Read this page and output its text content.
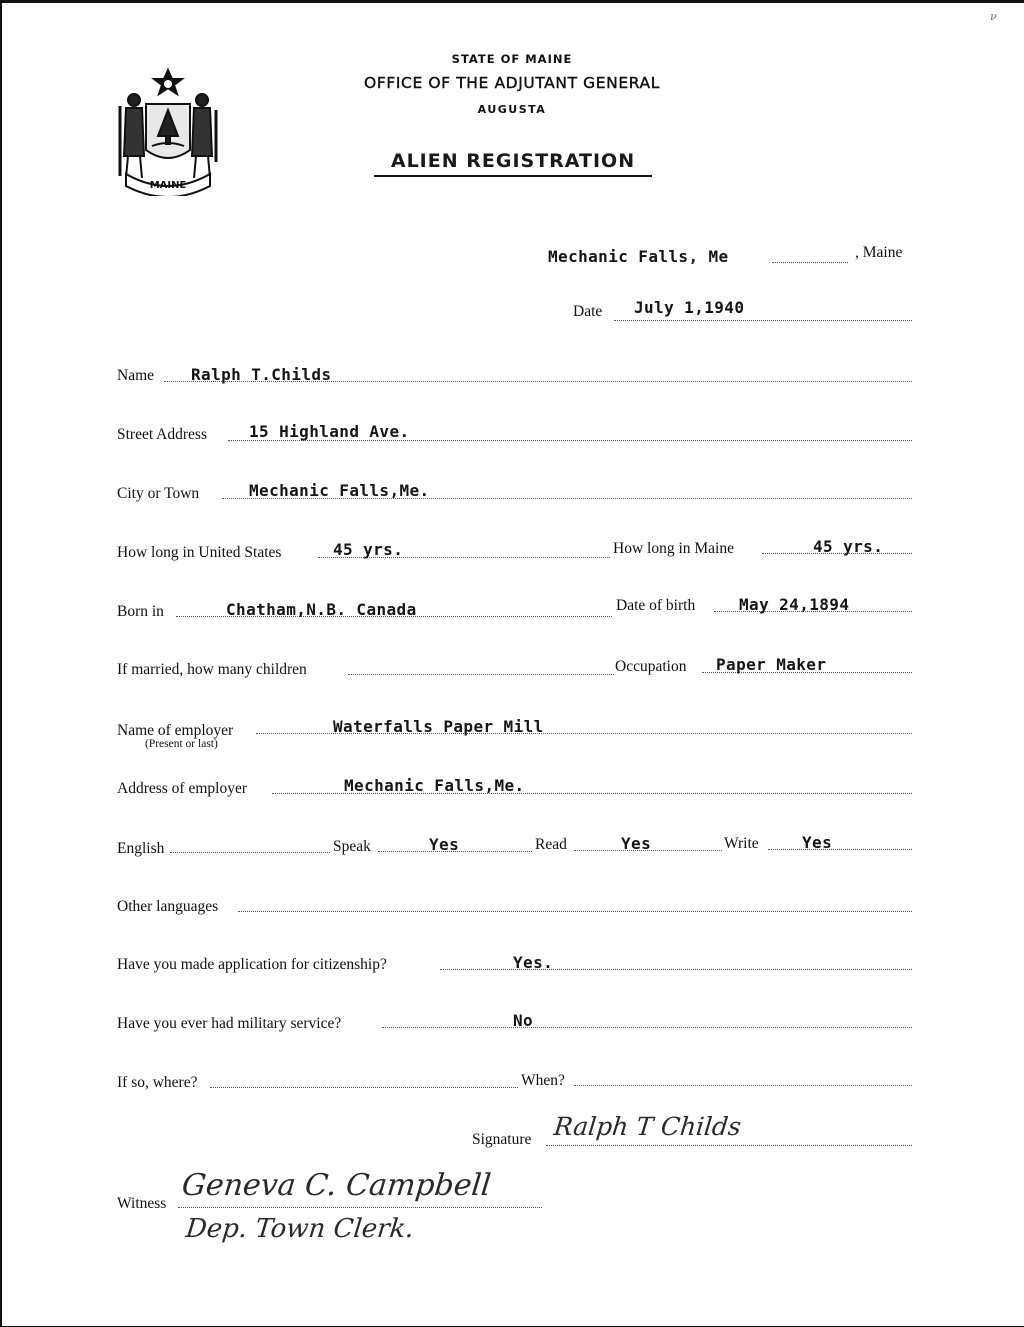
ν
MAINE
STATE OF MAINE
OFFICE OF THE ADJUTANT GENERAL
AUGUSTA
ALIEN REGISTRATION
Mechanic Falls, Me	, Maine
Date July 1,1940
Name Ralph T.Childs
Street Address	15 Highland Ave.
City or Town	Mechanic Falls,Me.
How long in United States	45 yrs.	How long in Maine	45 yrs.
Born in	Chatham,N.B. Canada	Date of birth	May 24,1894
If married, how many children	Occupation Paper Maker
Name of employer
(Present or last)
Waterfalls Paper Mill
Address of employer	Mechanic Falls,Me.
English	Speak	Yes	Read	Yes	Write	Yes
Other languages
Have you made application for citizenship?	Yes.
Have you ever had military service?	No
If so, where?	When?
Signature Ralph T Childs
Witness
Geneva C. Campbell
Dep. Town Clerk.
